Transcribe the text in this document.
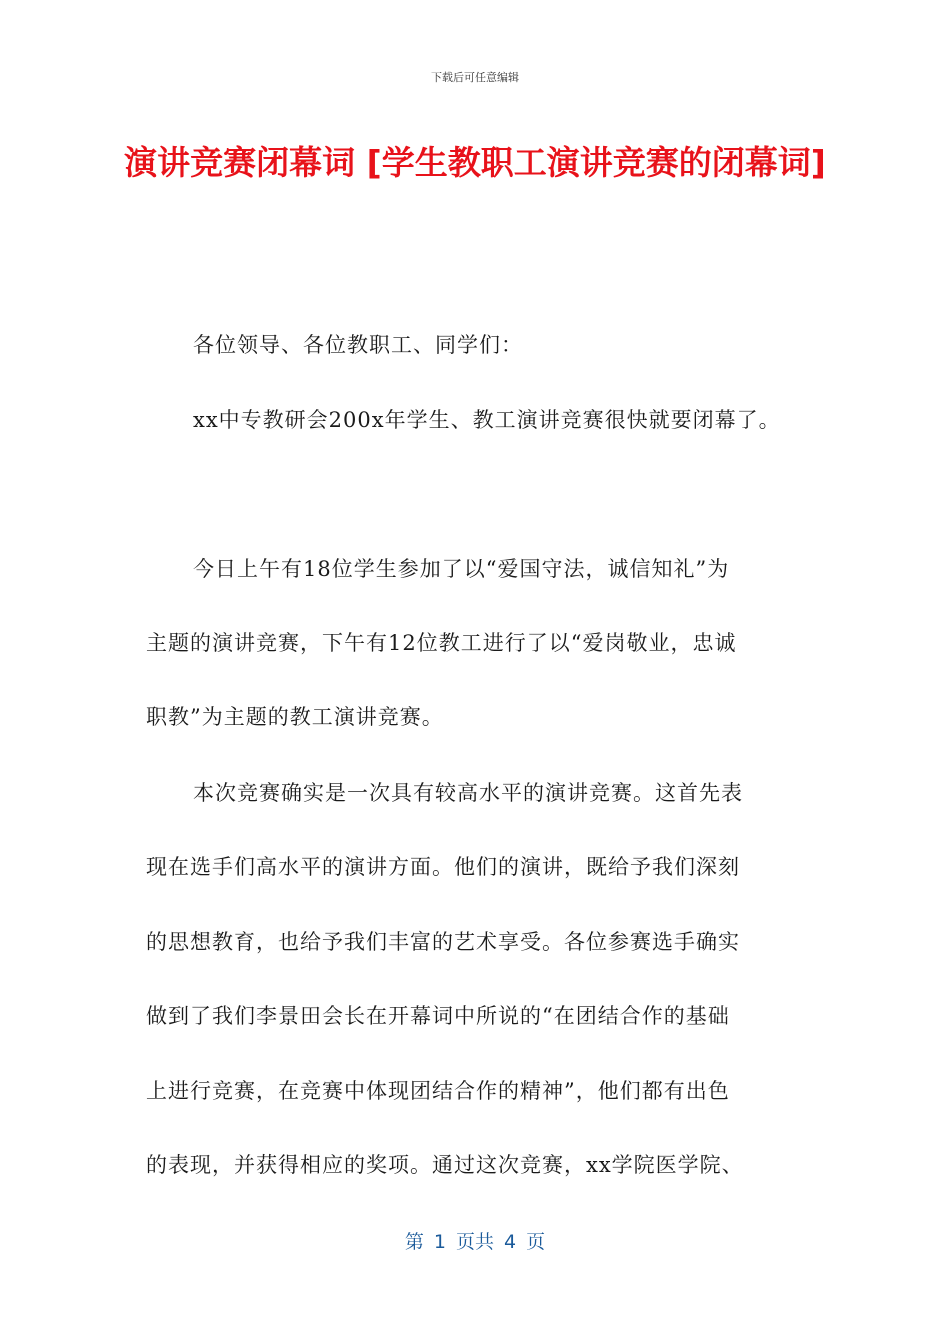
下载后可任意编辑
演讲竞赛闭幕词 [学生教职工演讲竞赛的闭幕词]
各位领导、各位教职工、同学们：
xx中专教研会200x年学生、教工演讲竞赛很快就要闭幕了。
今日上午有18位学生参加了以“爱国守法，诚信知礼”为
主题的演讲竞赛，下午有12位教工进行了以“爱岗敬业，忠诚
职教”为主题的教工演讲竞赛。
本次竞赛确实是一次具有较高水平的演讲竞赛。这首先表
现在选手们高水平的演讲方面。他们的演讲，既给予我们深刻
的思想教育，也给予我们丰富的艺术享受。各位参赛选手确实
做到了我们李景田会长在开幕词中所说的“在团结合作的基础
上进行竞赛，在竞赛中体现团结合作的精神”，他们都有出色
的表现，并获得相应的奖项。通过这次竞赛，xx学院医学院、
第 1 页共 4 页
